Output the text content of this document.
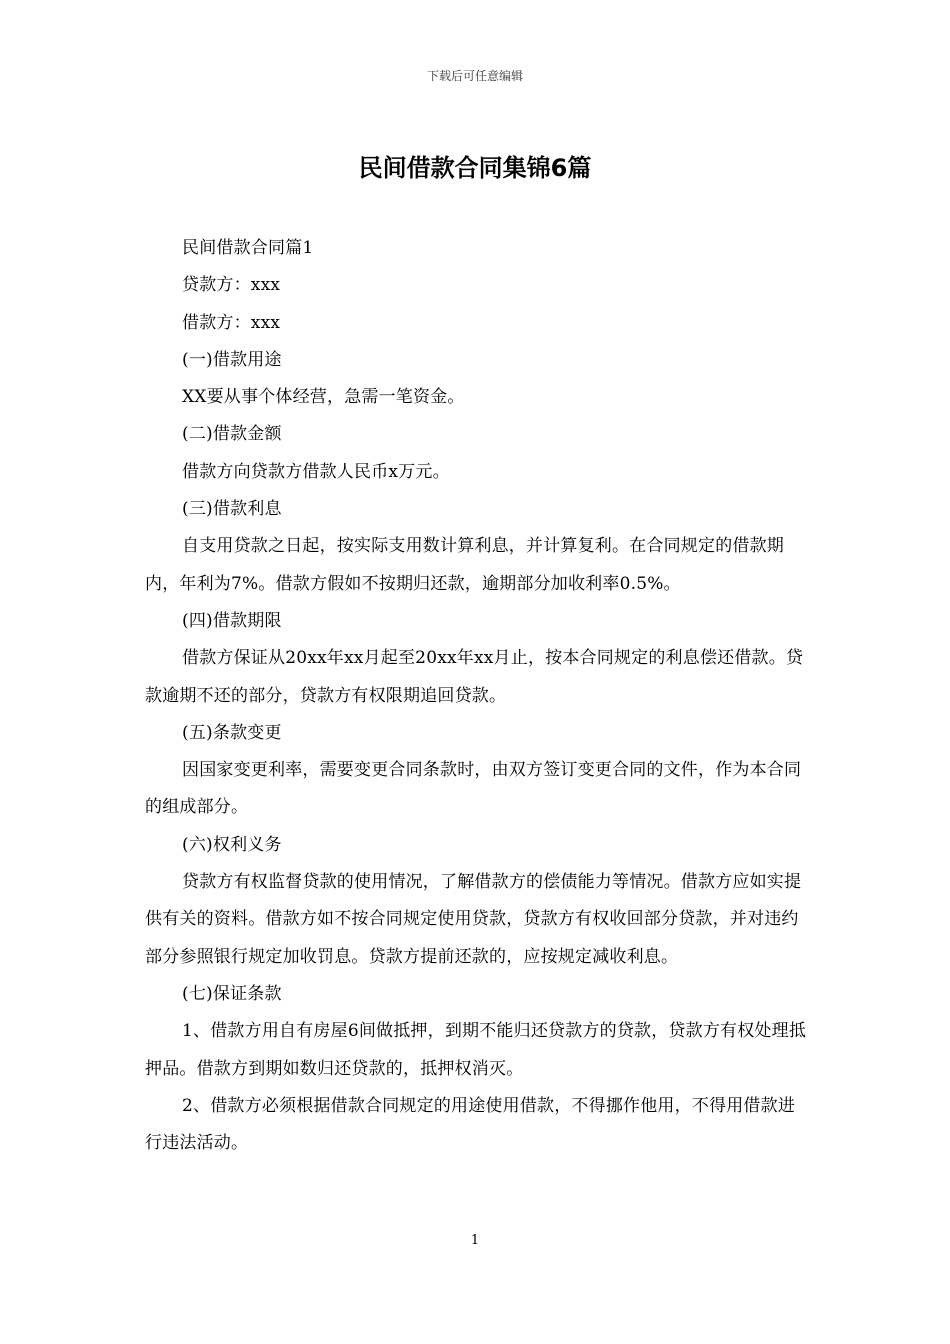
下载后可任意编辑
民间借款合同集锦6篇

民间借款合同篇1

贷款方：xxx

借款方：xxx

(一)借款用途

XX要从事个体经营，急需一笔资金。

(二)借款金额

借款方向贷款方借款人民币x万元。

(三)借款利息

自支用贷款之日起，按实际支用数计算利息，并计算复利。在合同规定的借款期内，年利为7%。借款方假如不按期归还款，逾期部分加收利率0.5%。

(四)借款期限

借款方保证从20xx年xx月起至20xx年xx月止，按本合同规定的利息偿还借款。贷款逾期不还的部分，贷款方有权限期追回贷款。

(五)条款变更

因国家变更利率，需要变更合同条款时，由双方签订变更合同的文件，作为本合同的组成部分。

(六)权利义务

贷款方有权监督贷款的使用情况，了解借款方的偿债能力等情况。借款方应如实提供有关的资料。借款方如不按合同规定使用贷款，贷款方有权收回部分贷款，并对违约部分参照银行规定加收罚息。贷款方提前还款的，应按规定减收利息。

(七)保证条款

1、借款方用自有房屋6间做抵押，到期不能归还贷款方的贷款，贷款方有权处理抵押品。借款方到期如数归还贷款的，抵押权消灭。

2、借款方必须根据借款合同规定的用途使用借款，不得挪作他用，不得用借款进行违法活动。

1
